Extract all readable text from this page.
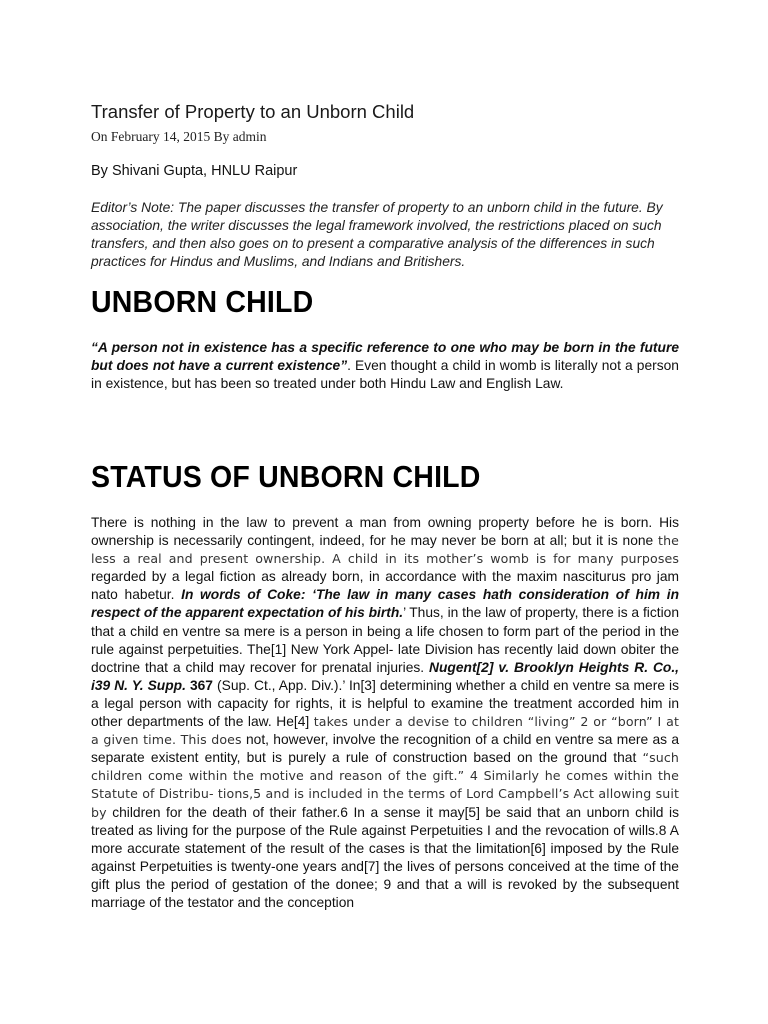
Transfer of Property to an Unborn Child
On February 14, 2015 By admin
By Shivani Gupta, HNLU Raipur

Editor’s Note: The paper discusses the transfer of property to an unborn child in the future. By association, the writer discusses the legal framework involved, the restrictions placed on such transfers, and then also goes on to present a comparative analysis of the differences in such practices for Hindus and Muslims, and Indians and Britishers.

UNBORN CHILD

“A person not in existence has a specific reference to one who may be born in the future but does not have a current existence”. Even thought a child in womb is literally not a person in existence, but has been so treated under both Hindu Law and English Law.

STATUS OF UNBORN CHILD

There is nothing in the law to prevent a man from owning property before he is born. His ownership is necessarily contingent, indeed, for he may never be born at all; but it is none the less a real and present ownership. A child in its mother’s womb is for many purposes regarded by a legal fiction as already born, in accordance with the maxim nasciturus pro jam nato habetur. In words of Coke: ‘The law in many cases hath consideration of him in respect of the apparent expectation of his birth.’ Thus, in the law of property, there is a fiction that a child en ventre sa mere is a person in being a life chosen to form part of the period in the rule against perpetuities. The[1] New York Appel- late Division has recently laid down obiter the doctrine that a child may recover for prenatal injuries. Nugent[2] v. Brooklyn Heights R. Co., i39 N. Y. Supp. 367 (Sup. Ct., App. Div.).’ In[3] determining whether a child en ventre sa mere is a legal person with capacity for rights, it is helpful to examine the treatment accorded him in other departments of the law. He[4] takes under a devise to children “living” 2 or “born” I at a given time. This does not, however, involve the recognition of a child en ventre sa mere as a separate existent entity, but is purely a rule of construction based on the ground that “such children come within the motive and reason of the gift.” 4 Similarly he comes within the Statute of Distribu- tions,5 and is included in the terms of Lord Campbell’s Act allowing suit by children for the death of their father.6 In a sense it may[5] be said that an unborn child is treated as living for the purpose of the Rule against Perpetuities I and the revocation of wills.8 A more accurate statement of the result of the cases is that the limitation[6] imposed by the Rule against Perpetuities is twenty-one years and[7] the lives of persons conceived at the time of the gift plus the period of gestation of the donee; 9 and that a will is revoked by the subsequent marriage of the testator and the conception
